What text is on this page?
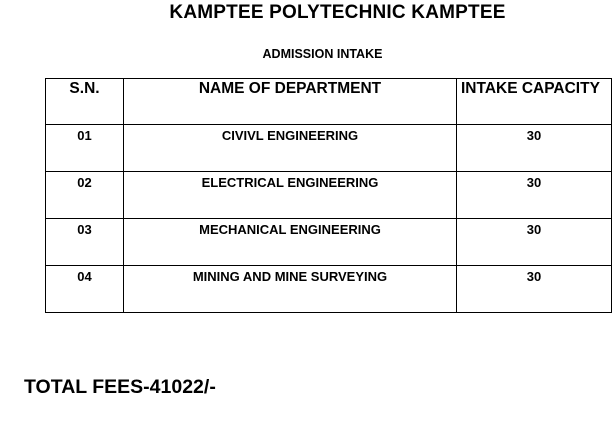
KAMPTEE POLYTECHNIC KAMPTEE
ADMISSION INTAKE
S.N.	NAME OF DEPARTMENT	INTAKE CAPACITY
01	CIVIVL ENGINEERING	30
02	ELECTRICAL ENGINEERING	30
03	MECHANICAL ENGINEERING	30
04	MINING AND MINE SURVEYING	30
TOTAL FEES-41022/-
